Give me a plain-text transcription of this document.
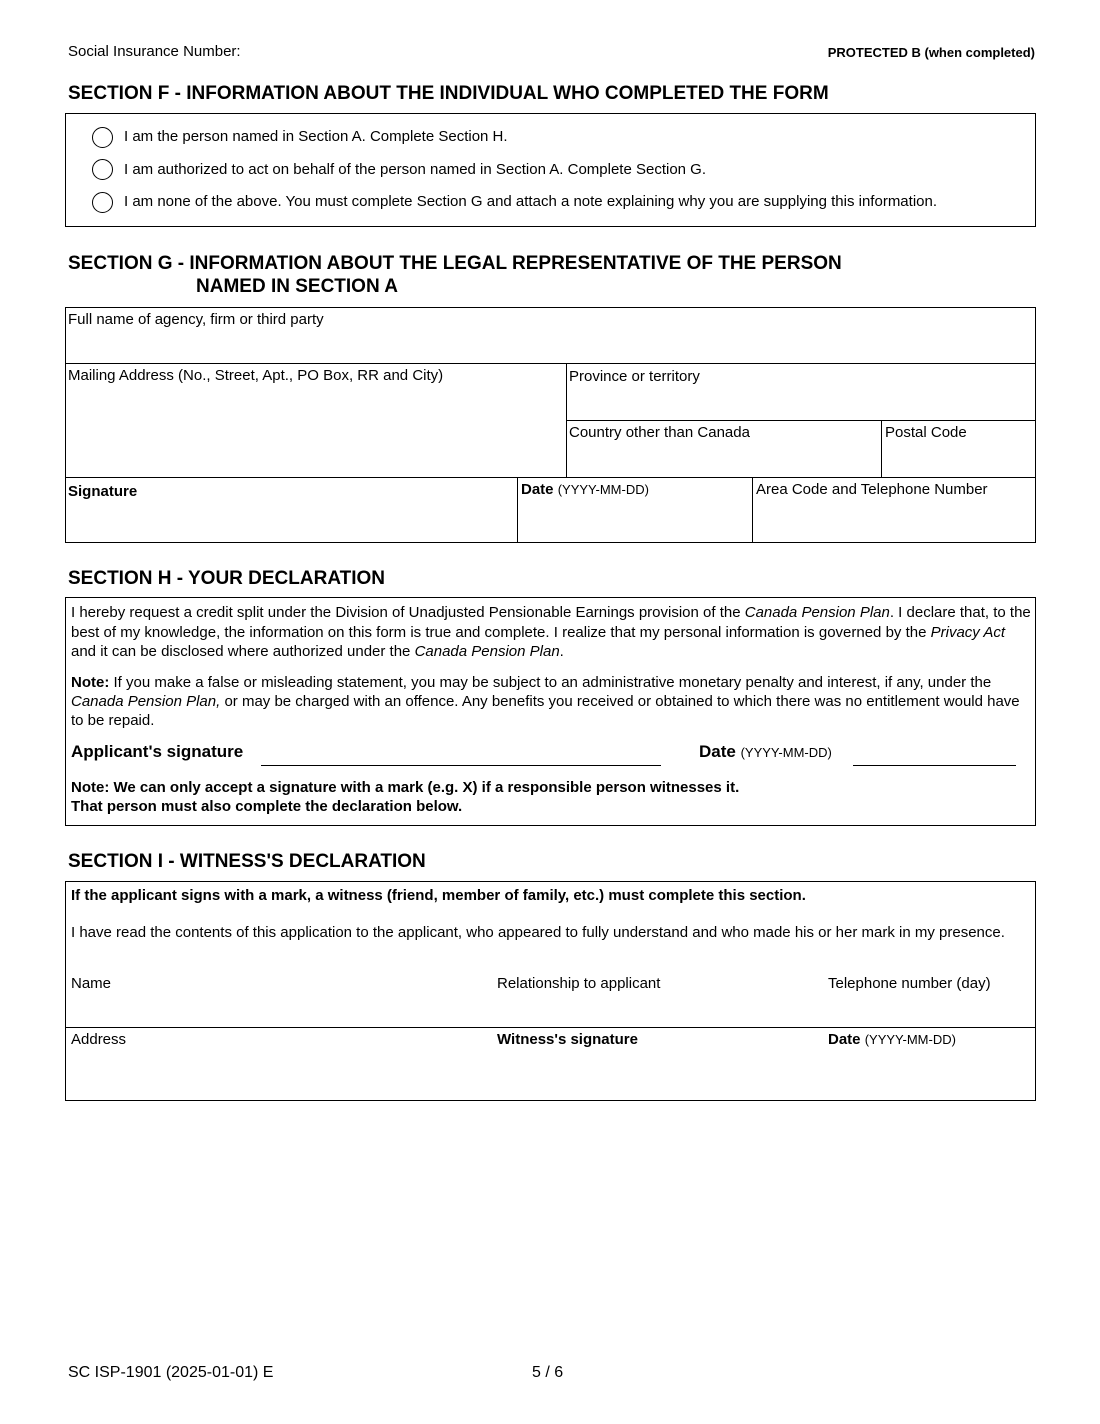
Social Insurance Number:	PROTECTED B (when completed)
SECTION F - INFORMATION ABOUT THE INDIVIDUAL WHO COMPLETED THE FORM
I am the person named in Section A. Complete Section H.
I am authorized to act on behalf of the person named in Section A. Complete Section G.
I am none of the above. You must complete Section G and attach a note explaining why you are supplying this information.
SECTION G - INFORMATION ABOUT THE LEGAL REPRESENTATIVE OF THE PERSON
NAMED IN SECTION A
Full name of agency, firm or third party
Mailing Address (No., Street, Apt., PO Box, RR and City)	Province or territory
Country other than Canada	Postal Code
Signature	Date (YYYY-MM-DD)	Area Code and Telephone Number
SECTION H - YOUR DECLARATION
I hereby request a credit split under the Division of Unadjusted Pensionable Earnings provision of the Canada Pension Plan. I declare that, to the best of my knowledge, the information on this form is true and complete. I realize that my personal information is governed by the Privacy Act and it can be disclosed where authorized under the Canada Pension Plan.
Note: If you make a false or misleading statement, you may be subject to an administrative monetary penalty and interest, if any, under the Canada Pension Plan, or may be charged with an offence. Any benefits you received or obtained to which there was no entitlement would have to be repaid.
Applicant's signature	Date (YYYY-MM-DD)
Note: We can only accept a signature with a mark (e.g. X) if a responsible person witnesses it.
That person must also complete the declaration below.
SECTION I - WITNESS'S DECLARATION
If the applicant signs with a mark, a witness (friend, member of family, etc.) must complete this section.
I have read the contents of this application to the applicant, who appeared to fully understand and who made his or her mark in my presence.
Name	Relationship to applicant	Telephone number (day)
Address	Witness's signature	Date (YYYY-MM-DD)
SC ISP-1901 (2025-01-01) E	5 / 6
